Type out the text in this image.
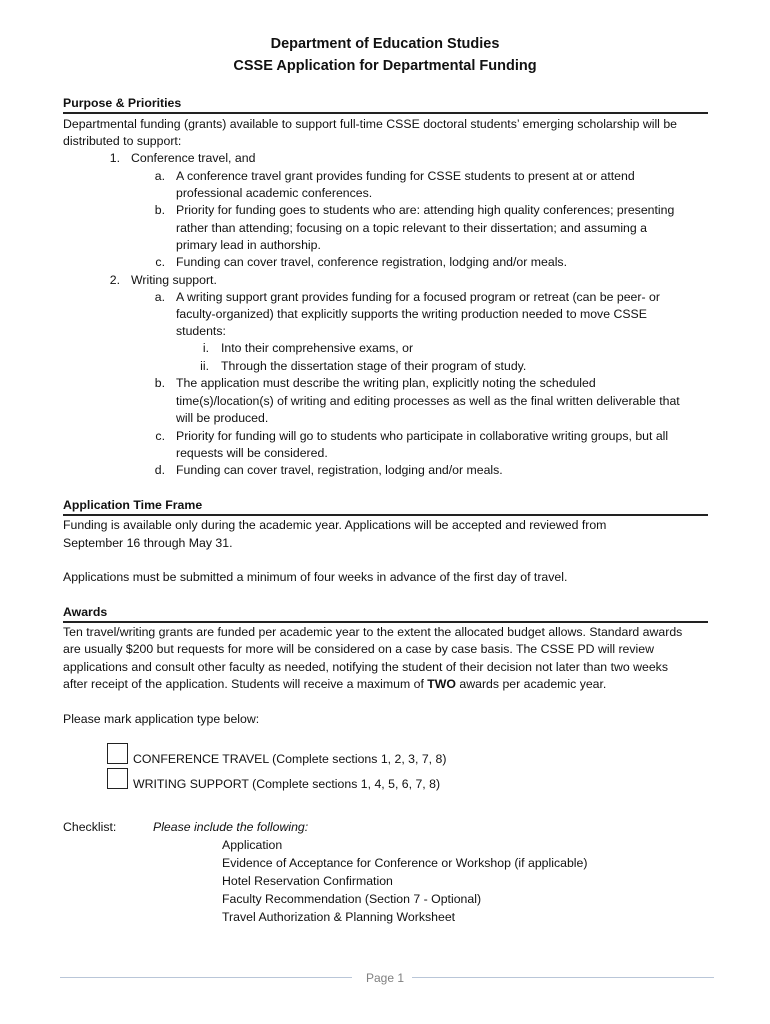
Department of Education Studies
CSSE Application for Departmental Funding
Purpose & Priorities
Departmental funding (grants) available to support full-time CSSE doctoral students’ emerging scholarship will be
distributed to support:
1. Conference travel, and
a. A conference travel grant provides funding for CSSE students to present at or attend
professional academic conferences.
b. Priority for funding goes to students who are: attending high quality conferences; presenting
rather than attending; focusing on a topic relevant to their dissertation; and assuming a
primary lead in authorship.
c. Funding can cover travel, conference registration, lodging and/or meals.
2. Writing support.
a. A writing support grant provides funding for a focused program or retreat (can be peer- or
faculty-organized) that explicitly supports the writing production needed to move CSSE
students:
i. Into their comprehensive exams, or
ii. Through the dissertation stage of their program of study.
b. The application must describe the writing plan, explicitly noting the scheduled
time(s)/location(s) of writing and editing processes as well as the final written deliverable that
will be produced.
c. Priority for funding will go to students who participate in collaborative writing groups, but all
requests will be considered.
d. Funding can cover travel, registration, lodging and/or meals.
Application Time Frame
Funding is available only during the academic year. Applications will be accepted and reviewed from
September 16 through May 31.
Applications must be submitted a minimum of four weeks in advance of the first day of travel.
Awards
Ten travel/writing grants are funded per academic year to the extent the allocated budget allows. Standard awards
are usually $200 but requests for more will be considered on a case by case basis. The CSSE PD will review
applications and consult other faculty as needed, notifying the student of their decision not later than two weeks
after receipt of the application. Students will receive a maximum of TWO awards per academic year.
Please mark application type below:
CONFERENCE TRAVEL (Complete sections 1, 2, 3, 7, 8)
WRITING SUPPORT (Complete sections 1, 4, 5, 6, 7, 8)
Checklist:	Please include the following:
Application
Evidence of Acceptance for Conference or Workshop (if applicable)
Hotel Reservation Confirmation
Faculty Recommendation (Section 7 - Optional)
Travel Authorization & Planning Worksheet
Page 1
